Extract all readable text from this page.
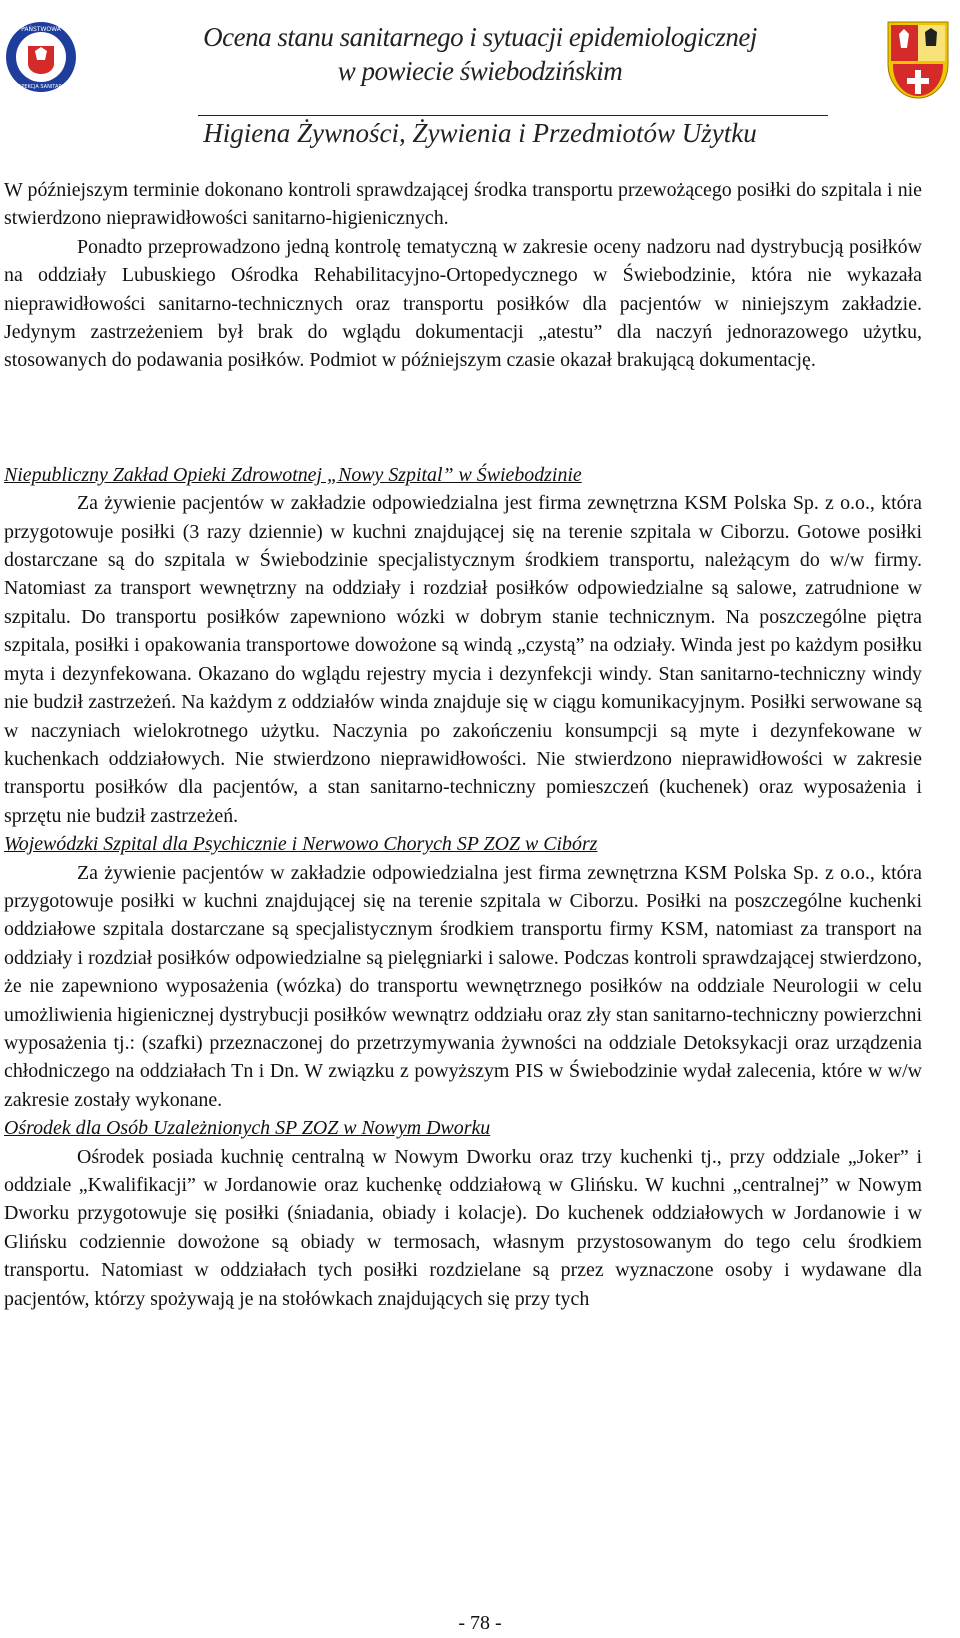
PAŃSTWOWA
INSPEKCJA SANITARNA
Ocena stanu sanitarnego i sytuacji epidemiologicznej
w powiecie świebodzińskim
Higiena Żywności, Żywienia i Przedmiotów Użytku

W późniejszym terminie dokonano kontroli sprawdzającej środka transportu przewożącego posiłki do szpitala i nie stwierdzono nieprawidłowości sanitarno-higienicznych.

Ponadto przeprowadzono jedną kontrolę tematyczną w zakresie oceny nadzoru nad dystrybucją posiłków na oddziały Lubuskiego Ośrodka Rehabilitacyjno-Ortopedycznego w Świebodzinie, która nie wykazała nieprawidłowości sanitarno-technicznych oraz transportu posiłków dla pacjentów w niniejszym zakładzie. Jedynym zastrzeżeniem był brak do wglądu dokumentacji „atestu” dla naczyń jednorazowego użytku, stosowanych do podawania posiłków. Podmiot w późniejszym czasie okazał brakującą dokumentację.

Niepubliczny Zakład Opieki Zdrowotnej „Nowy Szpital” w Świebodzinie

Za żywienie pacjentów w zakładzie odpowiedzialna jest firma zewnętrzna KSM Polska Sp. z o.o., która przygotowuje posiłki (3 razy dziennie) w kuchni znajdującej się na terenie szpitala w Ciborzu. Gotowe posiłki dostarczane są do szpitala w Świebodzinie specjalistycznym środkiem transportu, należącym do w/w firmy. Natomiast za transport wewnętrzny na oddziały i rozdział posiłków odpowiedzialne są salowe, zatrudnione w szpitalu. Do transportu posiłków zapewniono wózki w dobrym stanie technicznym. Na poszczególne piętra szpitala, posiłki i opakowania transportowe dowożone są windą „czystą” na odziały. Winda jest po każdym posiłku myta i dezynfekowana. Okazano do wglądu rejestry mycia i dezynfekcji windy. Stan sanitarno-techniczny windy nie budził zastrzeżeń. Na każdym z oddziałów winda znajduje się w ciągu komunikacyjnym. Posiłki serwowane są w naczyniach wielokrotnego użytku. Naczynia po zakończeniu konsumpcji są myte i dezynfekowane w kuchenkach oddziałowych. Nie stwierdzono nieprawidłowości. Nie stwierdzono nieprawidłowości w zakresie transportu posiłków dla pacjentów, a stan sanitarno-techniczny pomieszczeń (kuchenek) oraz wyposażenia i sprzętu nie budził zastrzeżeń.

Wojewódzki Szpital dla Psychicznie i Nerwowo Chorych SP ZOZ w Cibórz

Za żywienie pacjentów w zakładzie odpowiedzialna jest firma zewnętrzna KSM Polska Sp. z o.o., która przygotowuje posiłki w kuchni znajdującej się na terenie szpitala w Ciborzu. Posiłki na poszczególne kuchenki oddziałowe szpitala dostarczane są specjalistycznym środkiem transportu firmy KSM, natomiast za transport na oddziały i rozdział posiłków odpowiedzialne są pielęgniarki i salowe. Podczas kontroli sprawdzającej stwierdzono, że nie zapewniono wyposażenia (wózka) do transportu wewnętrznego posiłków na oddziale Neurologii w celu umożliwienia higienicznej dystrybucji posiłków wewnątrz oddziału oraz zły stan sanitarno-techniczny powierzchni wyposażenia tj.: (szafki) przeznaczonej do przetrzymywania żywności na oddziale Detoksykacji oraz urządzenia chłodniczego na oddziałach Tn i Dn. W związku z powyższym PIS w Świebodzinie wydał zalecenia, które w w/w zakresie zostały wykonane.

Ośrodek dla Osób Uzależnionych SP ZOZ w Nowym Dworku

Ośrodek posiada kuchnię centralną w Nowym Dworku oraz trzy kuchenki tj., przy oddziale „Joker” i oddziale „Kwalifikacji” w Jordanowie oraz kuchenkę oddziałową w Glińsku. W kuchni „centralnej” w Nowym Dworku przygotowuje się posiłki (śniadania, obiady i kolacje). Do kuchenek oddziałowych w Jordanowie i w Glińsku codziennie dowożone są obiady w termosach, własnym przystosowanym do tego celu środkiem transportu. Natomiast w oddziałach tych posiłki rozdzielane są przez wyznaczone osoby i wydawane dla pacjentów, którzy spożywają je na stołówkach znajdujących się przy tych

- 78 -
